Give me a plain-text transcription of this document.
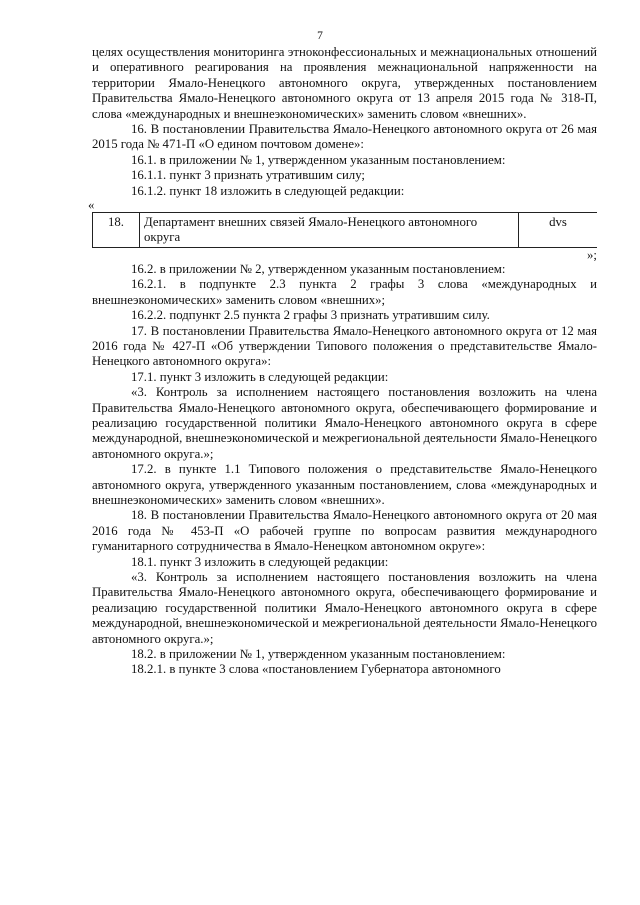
7

целях осуществления мониторинга этноконфессиональных и межнациональных отношений и оперативного реагирования на проявления межнациональной напряженности на территории Ямало-Ненецкого автономного округа, утвержденных постановлением Правительства Ямало-Ненецкого автономного округа от 13 апреля 2015 года № 318-П, слова «международных и внешнеэкономических» заменить словом «внешних».

16. В постановлении Правительства Ямало-Ненецкого автономного округа от 26 мая 2015 года № 471-П «О едином почтовом домене»:

16.1. в приложении № 1, утвержденном указанным постановлением:

16.1.1. пункт 3 признать утратившим силу;

16.1.2. пункт 18 изложить в следующей редакции:

«
18.	Департамент внешних связей Ямало-Ненецкого автономного округа	dvs
»;

16.2. в приложении № 2, утвержденном указанным постановлением:

16.2.1. в подпункте 2.3 пункта 2 графы 3 слова «международных и внешнеэкономических» заменить словом «внешних»;

16.2.2. подпункт 2.5 пункта 2 графы 3 признать утратившим силу.

17. В постановлении Правительства Ямало-Ненецкого автономного округа от 12 мая 2016 года № 427-П «Об утверждении Типового положения о представительстве Ямало-Ненецкого автономного округа»:

17.1. пункт 3 изложить в следующей редакции:

«3. Контроль за исполнением настоящего постановления возложить на члена Правительства Ямало-Ненецкого автономного округа, обеспечивающего формирование и реализацию государственной политики Ямало-Ненецкого автономного округа в сфере международной, внешнеэкономической и межрегиональной деятельности Ямало-Ненецкого автономного округа.»;

17.2. в пункте 1.1 Типового положения о представительстве Ямало-Ненецкого автономного округа, утвержденного указанным постановлением, слова «международных и внешнеэкономических» заменить словом «внешних».

18. В постановлении Правительства Ямало-Ненецкого автономного округа от 20 мая 2016 года № 453-П «О рабочей группе по вопросам развития международного гуманитарного сотрудничества в Ямало-Ненецком автономном округе»:

18.1. пункт 3 изложить в следующей редакции:

«3. Контроль за исполнением настоящего постановления возложить на члена Правительства Ямало-Ненецкого автономного округа, обеспечивающего формирование и реализацию государственной политики Ямало-Ненецкого автономного округа в сфере международной, внешнеэкономической и межрегиональной деятельности Ямало-Ненецкого автономного округа.»;

18.2. в приложении № 1, утвержденном указанным постановлением:

18.2.1. в пункте 3 слова «постановлением Губернатора автономного
